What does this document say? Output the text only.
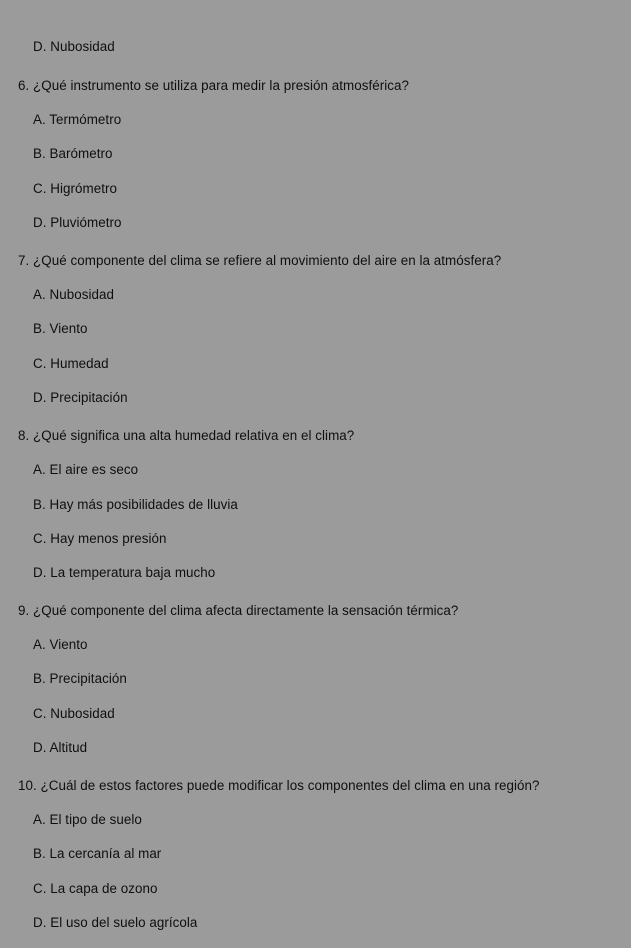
D. Nubosidad
6. ¿Qué instrumento se utiliza para medir la presión atmosférica?
A. Termómetro
B. Barómetro
C. Higrómetro
D. Pluviómetro
7. ¿Qué componente del clima se refiere al movimiento del aire en la atmósfera?
A. Nubosidad
B. Viento
C. Humedad
D. Precipitación
8. ¿Qué significa una alta humedad relativa en el clima?
A. El aire es seco
B. Hay más posibilidades de lluvia
C. Hay menos presión
D. La temperatura baja mucho
9. ¿Qué componente del clima afecta directamente la sensación térmica?
A. Viento
B. Precipitación
C. Nubosidad
D. Altitud
10. ¿Cuál de estos factores puede modificar los componentes del clima en una región?
A. El tipo de suelo
B. La cercanía al mar
C. La capa de ozono
D. El uso del suelo agrícola
